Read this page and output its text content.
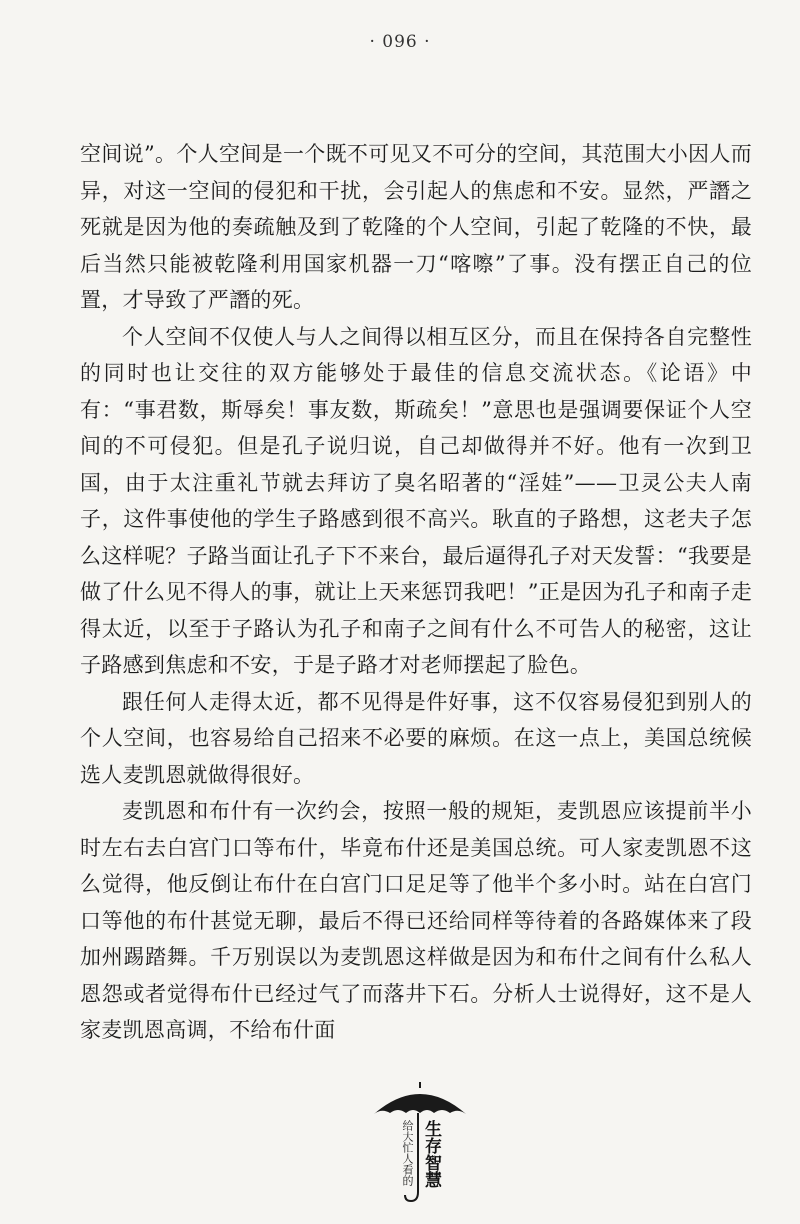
· 096 ·

空间说”。个人空间是一个既不可见又不可分的空间，其范围大小因人而异，对这一空间的侵犯和干扰，会引起人的焦虑和不安。显然，严譖之死就是因为他的奏疏触及到了乾隆的个人空间，引起了乾隆的不快，最后当然只能被乾隆利用国家机器一刀“喀嚓”了事。没有摆正自己的位置，才导致了严譖的死。

个人空间不仅使人与人之间得以相互区分，而且在保持各自完整性的同时也让交往的双方能够处于最佳的信息交流状态。《论语》中有：“事君数，斯辱矣！事友数，斯疏矣！”意思也是强调要保证个人空间的不可侵犯。但是孔子说归说，自己却做得并不好。他有一次到卫国，由于太注重礼节就去拜访了臭名昭著的“淫娃”——卫灵公夫人南子，这件事使他的学生子路感到很不高兴。耿直的子路想，这老夫子怎么这样呢？子路当面让孔子下不来台，最后逼得孔子对天发誓：“我要是做了什么见不得人的事，就让上天来惩罚我吧！”正是因为孔子和南子走得太近，以至于子路认为孔子和南子之间有什么不可告人的秘密，这让子路感到焦虑和不安，于是子路才对老师摆起了脸色。

跟任何人走得太近，都不见得是件好事，这不仅容易侵犯到别人的个人空间，也容易给自己招来不必要的麻烦。在这一点上，美国总统候选人麦凯恩就做得很好。

麦凯恩和布什有一次约会，按照一般的规矩，麦凯恩应该提前半小时左右去白宫门口等布什，毕竟布什还是美国总统。可人家麦凯恩不这么觉得，他反倒让布什在白宫门口足足等了他半个多小时。站在白宫门口等他的布什甚觉无聊，最后不得已还给同样等待着的各路媒体来了段加州踢踏舞。千万别误以为麦凯恩这样做是因为和布什之间有什么私人恩怨或者觉得布什已经过气了而落井下石。分析人士说得好，这不是人家麦凯恩高调，不给布什面

生存智慧
给大忙人看的
